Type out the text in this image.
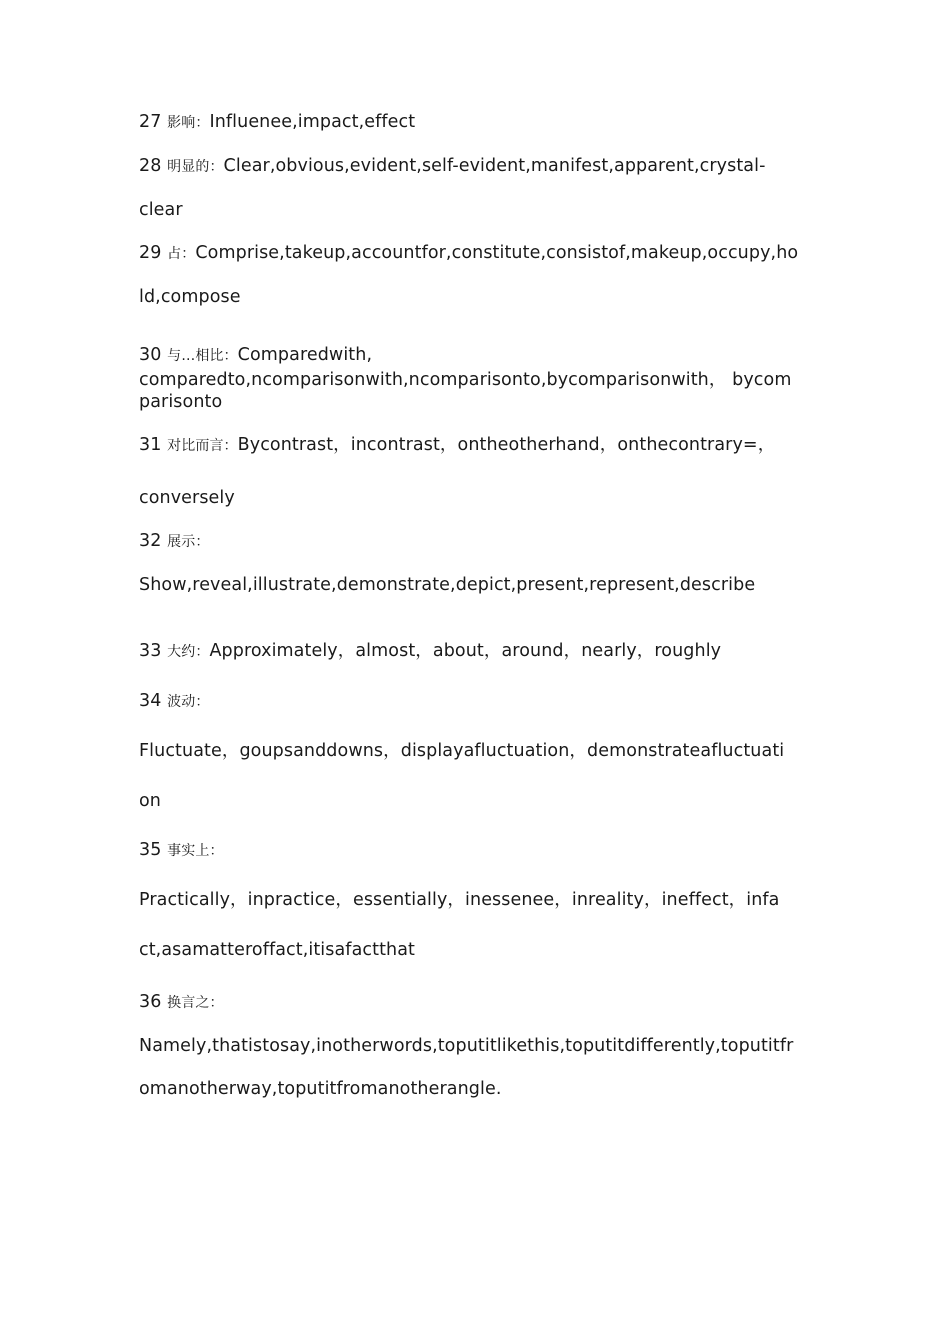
27 影响：Influenee,impact,effect
28 明显的：Clear,obvious,evident,self-evident,manifest,apparent,crystal-
clear
29 占：Comprise,takeup,accountfor,constitute,consistof,makeup,occupy,ho
ld,compose
30 与…相比：Comparedwith,
comparedto,ncomparisonwith,ncomparisonto,bycomparisonwith， bycom
parisonto
31 对比而言：Bycontrast，incontrast，ontheotherhand，onthecontrary=，
conversely
32 展示：
Show,reveal,illustrate,demonstrate,depict,present,represent,describe
33 大约：Approximately，almost，about，around，nearly，roughly
34 波动：
Fluctuate，goupsanddowns，displayafluctuation，demonstrateafluctuati
on
35 事实上：
Practically，inpractice，essentially，inessenee，inreality，ineffect，infa
ct,asamatteroffact,itisafactthat
36 换言之：
Namely,thatistosay,inotherwords,toputitlikethis,toputitdifferently,toputitfr
omanotherway,toputitfromanotherangle.
